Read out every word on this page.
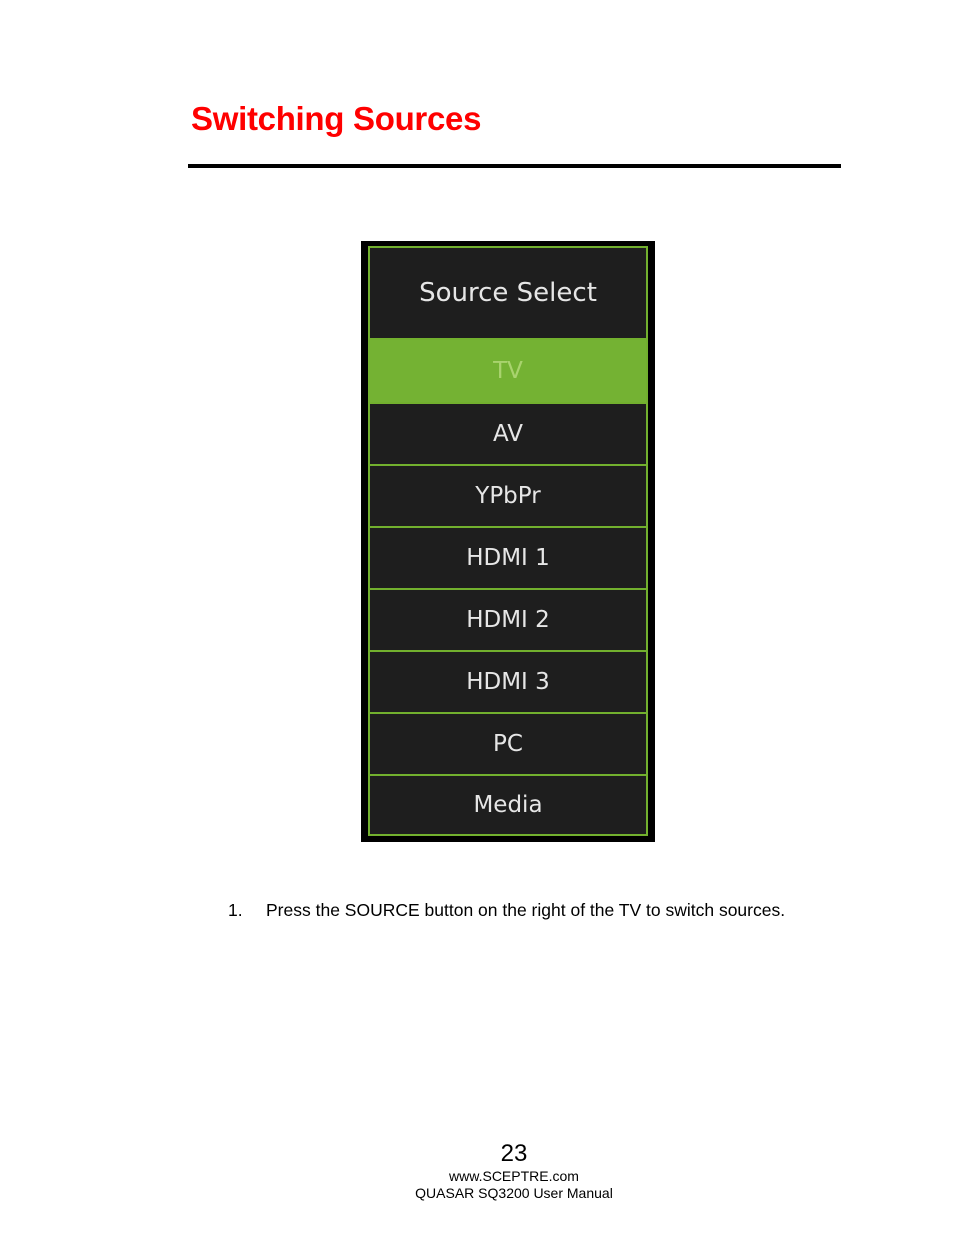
Switching Sources
Source Select
TV
AV
YPbPr
HDMI 1
HDMI 2
HDMI 3
PC
Media
1. Press the SOURCE button on the right of the TV to switch sources.
23
www.SCEPTRE.com
QUASAR SQ3200 User Manual
